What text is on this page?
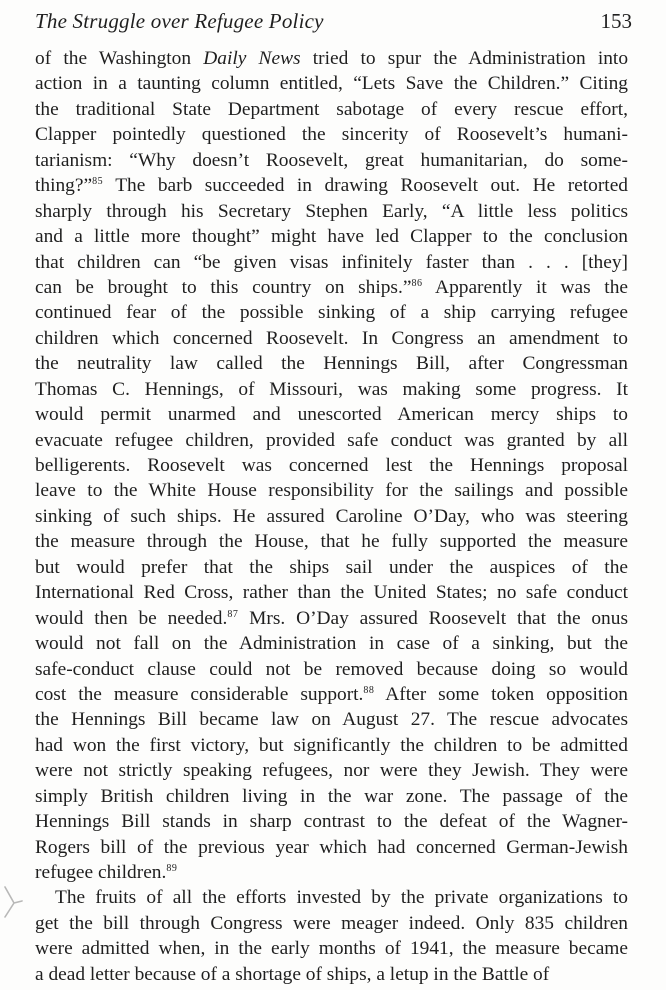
The Struggle over Refugee Policy	153
of the Washington Daily News tried to spur the Administration into
action in a taunting column entitled, “Lets Save the Children.” Citing
the traditional State Department sabotage of every rescue effort,
Clapper pointedly questioned the sincerity of Roosevelt’s humani-
tarianism: “Why doesn’t Roosevelt, great humanitarian, do some-
thing?”$^{85}$ The barb succeeded in drawing Roosevelt out. He retorted
sharply through his Secretary Stephen Early, “A little less politics
and a little more thought” might have led Clapper to the conclusion
that children can “be given visas infinitely faster than . . . [they]
can be brought to this country on ships.”$^{86}$ Apparently it was the
continued fear of the possible sinking of a ship carrying refugee
children which concerned Roosevelt. In Congress an amendment to
the neutrality law called the Hennings Bill, after Congressman
Thomas C. Hennings, of Missouri, was making some progress. It
would permit unarmed and unescorted American mercy ships to
evacuate refugee children, provided safe conduct was granted by all
belligerents. Roosevelt was concerned lest the Hennings proposal
leave to the White House responsibility for the sailings and possible
sinking of such ships. He assured Caroline O’Day, who was steering
the measure through the House, that he fully supported the measure
but would prefer that the ships sail under the auspices of the
International Red Cross, rather than the United States; no safe conduct
would then be needed.$^{87}$ Mrs. O’Day assured Roosevelt that the onus
would not fall on the Administration in case of a sinking, but the
safe-conduct clause could not be removed because doing so would
cost the measure considerable support.$^{88}$ After some token opposition
the Hennings Bill became law on August 27. The rescue advocates
had won the first victory, but significantly the children to be admitted
were not strictly speaking refugees, nor were they Jewish. They were
simply British children living in the war zone. The passage of the
Hennings Bill stands in sharp contrast to the defeat of the Wagner-
Rogers bill of the previous year which had concerned German-Jewish
refugee children.$^{89}$
The fruits of all the efforts invested by the private organizations to
get the bill through Congress were meager indeed. Only 835 children
were admitted when, in the early months of 1941, the measure became
a dead letter because of a shortage of ships, a letup in the Battle of
